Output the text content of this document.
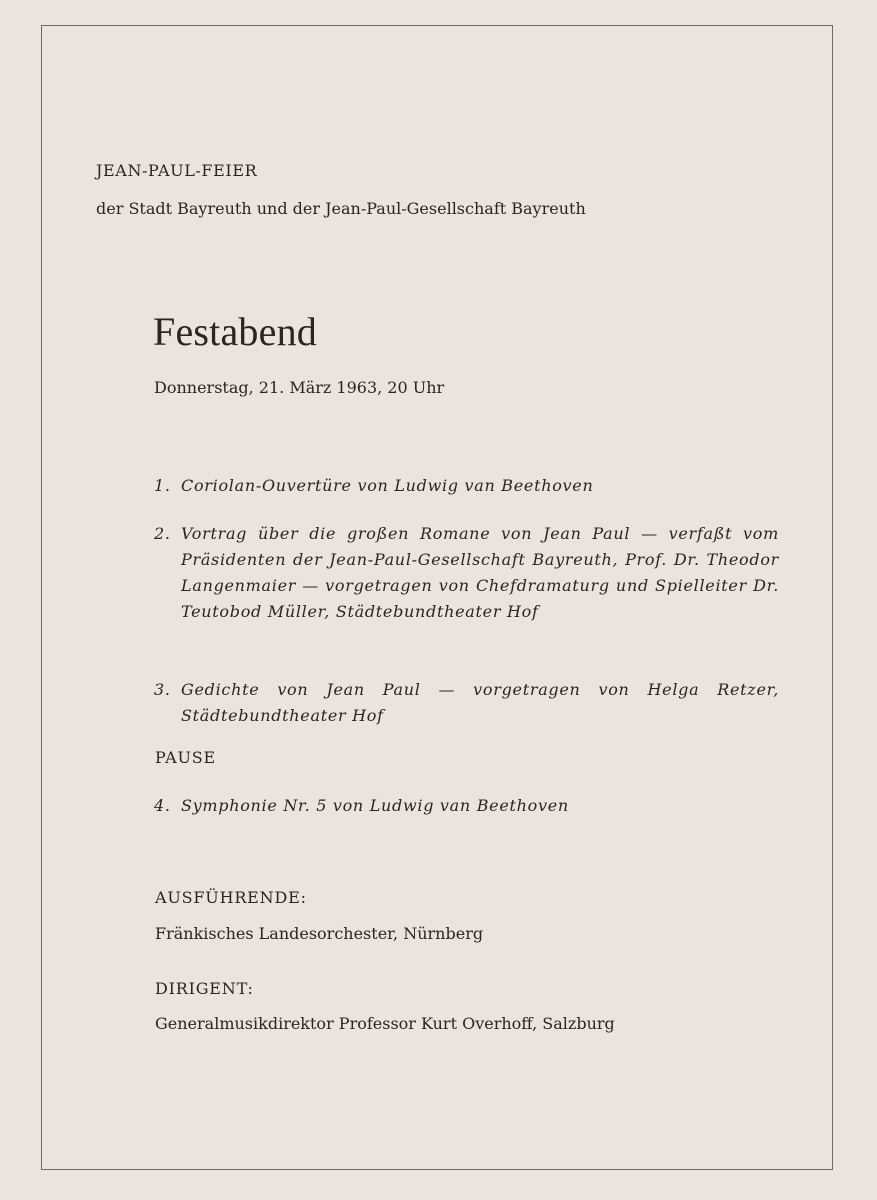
JEAN-PAUL-FEIER
der Stadt Bayreuth und der Jean-Paul-Gesellschaft Bayreuth
Festabend
Donnerstag, 21. März 1963, 20 Uhr
1. Coriolan-Ouvertüre von Ludwig van Beethoven
2. Vortrag über die großen Romane von Jean Paul — verfaßt vom Präsidenten der Jean-Paul-Gesellschaft Bayreuth, Prof. Dr. Theodor Langenmaier — vorgetragen von Chefdramaturg und Spielleiter Dr. Teutobod Müller, Städtebundtheater Hof
3. Gedichte von Jean Paul — vorgetragen von Helga Retzer, Städtebundtheater Hof
PAUSE
4. Symphonie Nr. 5 von Ludwig van Beethoven
AUSFÜHRENDE:
Fränkisches Landesorchester, Nürnberg
DIRIGENT:
Generalmusikdirektor Professor Kurt Overhoff, Salzburg
